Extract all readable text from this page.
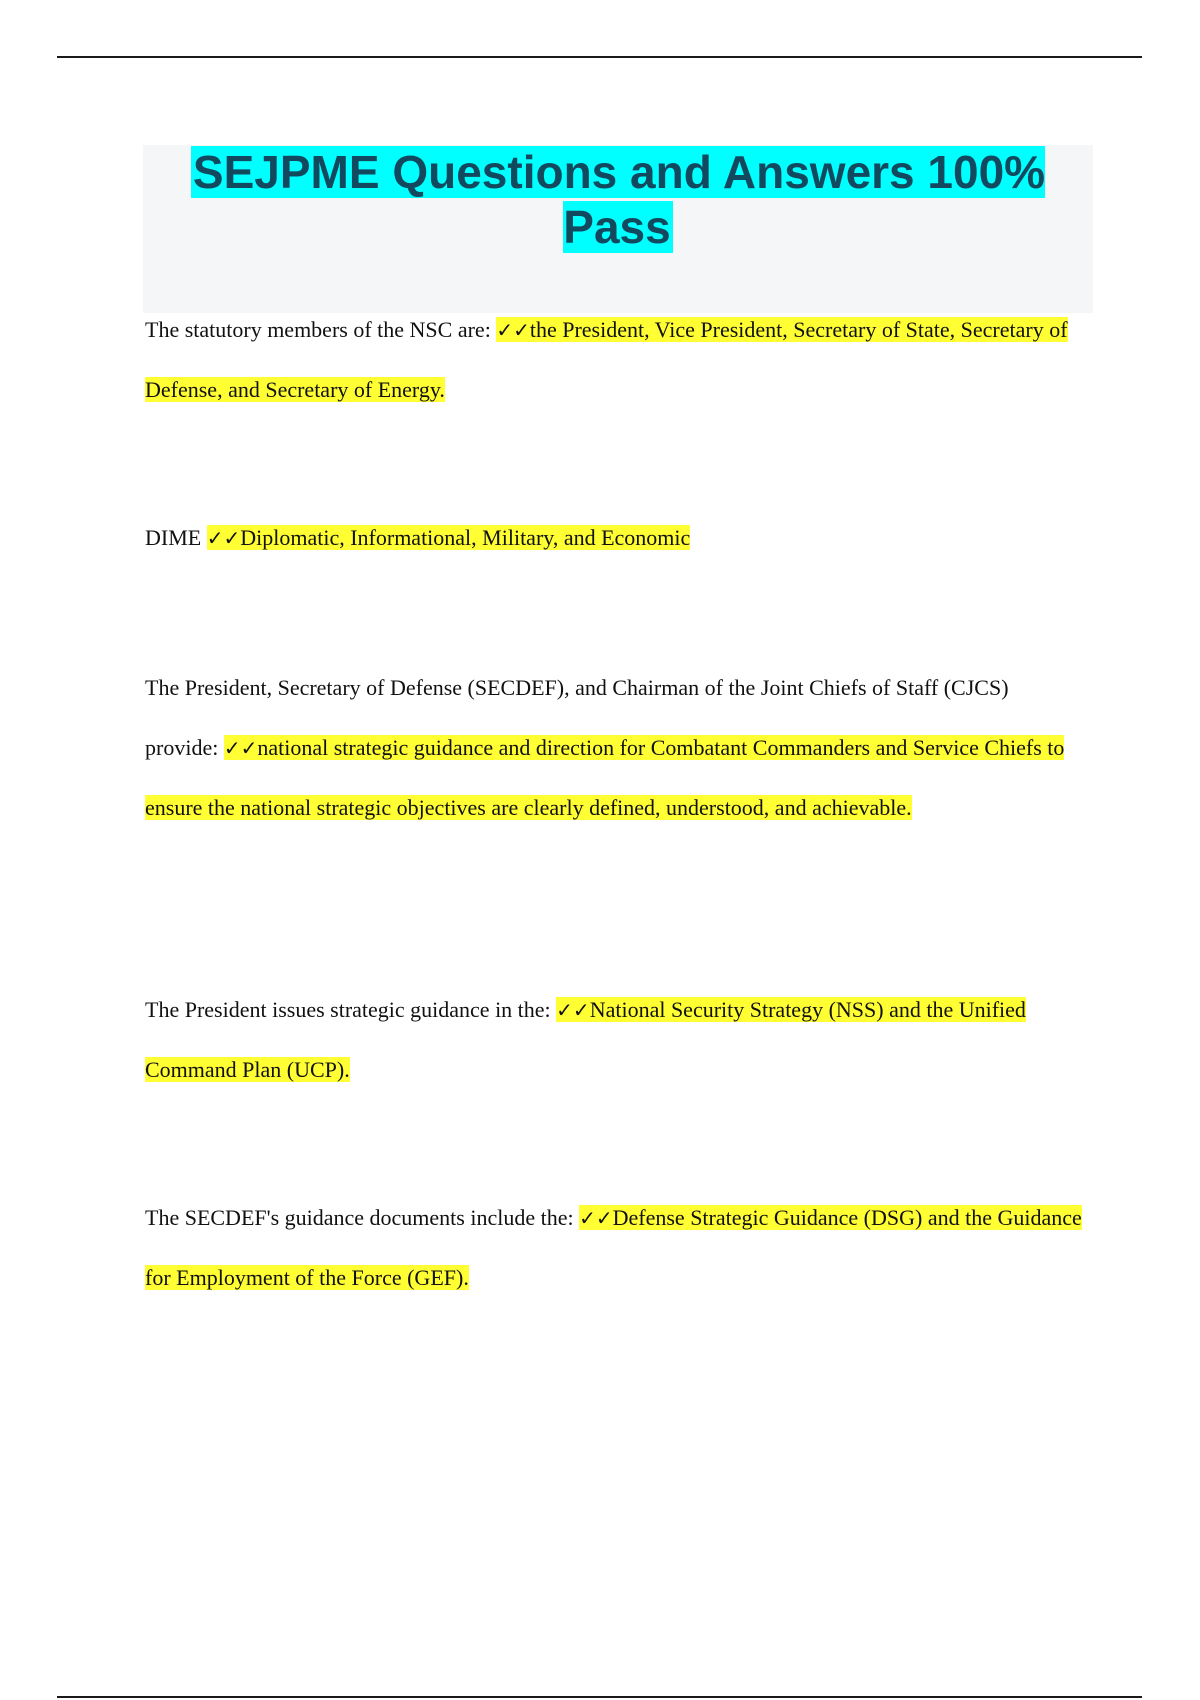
SEJPME Questions and Answers 100% Pass

The statutory members of the NSC are: ✓✓the President, Vice President, Secretary of State, Secretary of Defense, and Secretary of Energy.

DIME ✓✓Diplomatic, Informational, Military, and Economic

The President, Secretary of Defense (SECDEF), and Chairman of the Joint Chiefs of Staff (CJCS) provide: ✓✓national strategic guidance and direction for Combatant Commanders and Service Chiefs to ensure the national strategic objectives are clearly defined, understood, and achievable.

The President issues strategic guidance in the: ✓✓National Security Strategy (NSS) and the Unified Command Plan (UCP).

The SECDEF's guidance documents include the: ✓✓Defense Strategic Guidance (DSG) and the Guidance for Employment of the Force (GEF).
